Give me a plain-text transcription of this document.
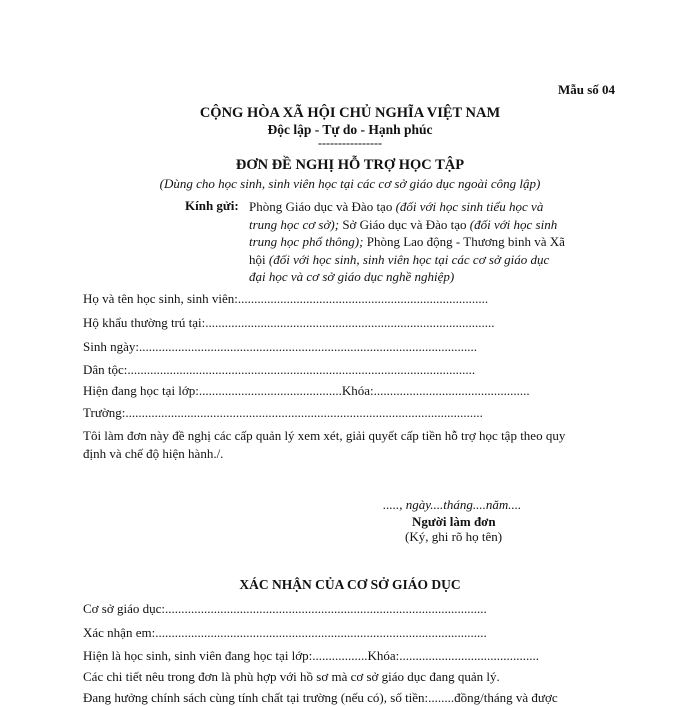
Mẫu số 04
CỘNG HÒA XÃ HỘI CHỦ NGHĨA VIỆT NAM
Độc lập - Tự do - Hạnh phúc
----------------
ĐƠN ĐỀ NGHỊ HỖ TRỢ HỌC TẬP
(Dùng cho học sinh, sinh viên học tại các cơ sở giáo dục ngoài công lập)
Kính gửi: Phòng Giáo dục và Đào tạo (đối với học sinh tiểu học và
trung học cơ sở); Sở Giáo dục và Đào tạo (đối với học sinh
trung học phổ thông); Phòng Lao động - Thương binh và Xã
hội (đối với học sinh, sinh viên học tại các cơ sở giáo dục
đại học và cơ sở giáo dục nghề nghiệp)
Họ và tên học sinh, sinh viên:.............................................................................
Hộ khẩu thường trú tại:.........................................................................................
Sinh ngày:........................................................................................................
Dân tộc:...........................................................................................................
Hiện đang học tại lớp:............................................Khóa:................................................
Trường:..............................................................................................................
Tôi làm đơn này đề nghị các cấp quản lý xem xét, giải quyết cấp tiền hỗ trợ học tập theo quy
định và chế độ hiện hành./.
....., ngày....tháng....năm....
Người làm đơn
(Ký, ghi rõ họ tên)
XÁC NHẬN CỦA CƠ SỞ GIÁO DỤC
Cơ sở giáo dục:...................................................................................................
Xác nhận em:......................................................................................................
Hiện là học sinh, sinh viên đang học tại lớp:.................Khóa:...........................................
Các chi tiết nêu trong đơn là phù hợp với hồ sơ mà cơ sở giáo dục đang quản lý.
Đang hưởng chính sách cùng tính chất tại trường (nếu có), số tiền:........đồng/tháng và được
